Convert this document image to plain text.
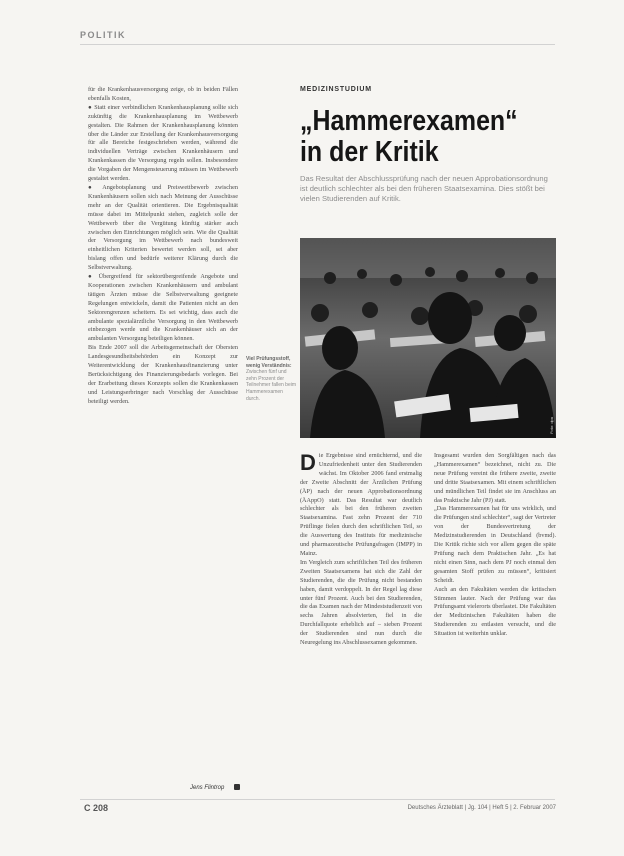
POLITIK

für die Krankenhausversorgung zeige, ob in beiden Fällen ebenfalls Kosten,

● Statt einer verbindlichen Krankenhausplanung sollte sich zukünftig die Krankenhausplanung im Wettbewerb gestalten. Die Rahmen der Krankenhausplanung könnten über die Länder zur Erstellung der Krankenhausversorgung für alle Bereiche festgeschrieben werden, während die individuellen Verträge zwischen Krankenhäusern und Krankenkassen die Versorgung regeln sollen. Insbesondere die Vorgaben der Mengensteuerung müssen im Wettbewerb gestaltet werden.

● Angebotsplanung und Preiswettbewerb zwischen Krankenhäusern sollen sich nach Meinung der Ausschüsse mehr an der Qualität orientieren. Die Ergebnisqualität müsse dabei im Mittelpunkt stehen, zugleich solle der Wettbewerb über die Vergütung künftig stärker auch zwischen den Einrichtungen möglich sein. Wie die Qualität der Versorgung im Wettbewerb nach bundesweit einheitlichen Kriterien bewertet werden soll, sei aber bislang offen und bedürfe weiterer Klärung durch die Selbstverwaltung.

● Übergreifend für sektorübergreifende Angebote und Kooperationen zwischen Krankenhäusern und ambulant tätigen Ärzten müsse die Selbstverwaltung geeignete Regelungen entwickeln, damit die Patienten nicht an den Sektorengrenzen scheitern. Es sei wichtig, dass auch die ambulante spezialärztliche Versorgung in den Wettbewerb einbezogen werde und die Krankenhäuser sich an der ambulanten Versorgung beteiligen können.

Bis Ende 2007 soll die Arbeitsgemeinschaft der Obersten Landesgesundheitsbehörden ein Konzept zur Weiterentwicklung der Krankenhausfinanzierung unter Berücksichtigung des Finanzierungsbedarfs vorlegen. Bei der Erarbeitung dieses Konzepts sollen die Krankenkassen und Leistungserbringer nach Vorschlag der Ausschüsse beteiligt werden.

Jens Flintrop
MEDIZINSTUDIUM
„Hammerexamen“
in der Kritik
Das Resultat der Abschlussprüfung nach der neuen Approbationsordnung ist deutlich schlechter als bei den früheren Staatsexamina. Dies stößt bei vielen Studierenden auf Kritik.
Foto: dpa
Viel Prüfungsstoff, wenig Verständnis:
Zwischen fünf und zehn Prozent der Teilnehmer fallen beim Hammerexamen durch.

Die Ergebnisse sind ernüchternd, und die Unzufriedenheit unter den Studierenden wächst. Im Oktober 2006 fand erstmalig der Zweite Abschnitt der Ärztlichen Prüfung (ÄP) nach der neuen Approbationsordnung (ÄAppO) statt. Das Resultat war deutlich schlechter als bei den früheren zweiten Staatsexamina. Fast zehn Prozent der 710 Prüflinge fielen durch den schriftlichen Teil, so die Auswertung des Instituts für medizinische und pharmazeutische Prüfungsfragen (IMPP) in Mainz.

Im Vergleich zum schriftlichen Teil des früheren Zweiten Staatsexamens hat sich die Zahl der Studierenden, die die Prüfung nicht bestanden haben, damit verdoppelt. In der Regel lag diese unter fünf Prozent. Auch bei den Studierenden, die das Examen nach der Mindeststudienzeit von sechs Jahren absolvierten, fiel in die Durchfallquote erheblich auf – sieben Prozent der Studierenden sind nun durch die Neuregelung ins Abschlussexamen gekommen.

Insgesamt wurden den Sorgfältigen nach das „Hammerexamen“ bezeichnet, nicht zu. Die neue Prüfung vereint die frühere zweite, zweite und dritte Staatsexamen. Mit einem schriftlichen und mündlichen Teil findet sie im Anschluss an das Praktische Jahr (PJ) statt.

„Das Hammerexamen hat für uns wirklich, und die Prüfungen sind schlechter“, sagt der Vertreter von der Bundesvertretung der Medizinstudierenden in Deutschland (bvmd). Die Kritik richte sich vor allem gegen die späte Prüfung nach dem Praktischen Jahr. „Es hat nicht einen Sinn, nach dem PJ noch einmal den gesamten Stoff prüfen zu müssen“, kritisiert Scheidt.

Auch an den Fakultäten werden die kritischen Stimmen lauter. Nach der Prüfung war das Prüfungsamt vielerorts überlastet. Die Fakultäten der Medizinischen Fakultäten haben die Studierenden zu entlasten versucht, und die Situation ist weiterhin unklar.

C 208	Deutsches Ärzteblatt | Jg. 104 | Heft 5 | 2. Februar 2007
